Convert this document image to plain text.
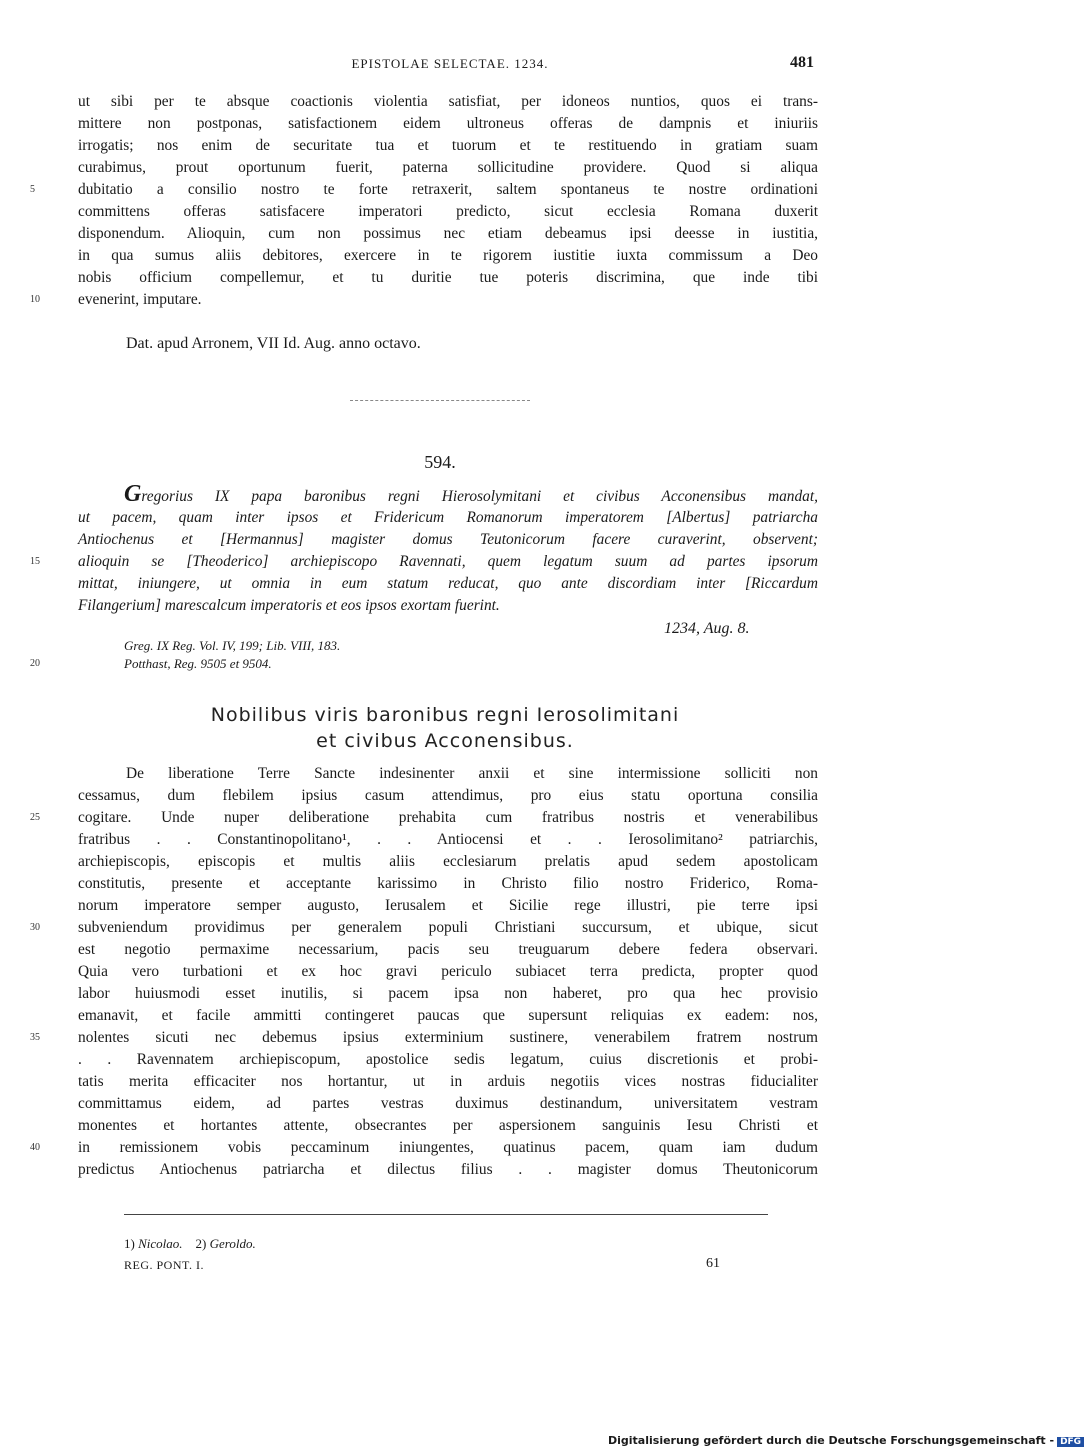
EPISTOLAE SELECTAE. 1234.	481
ut sibi per te absque coactionis violentia satisfiat, per idoneos nuntios, quos ei trans-
mittere non postponas, satisfactionem eidem ultroneus offeras de dampnis et iniuriis
irrogatis; nos enim de securitate tua et tuorum et te restituendo in gratiam suam
curabimus, prout oportunum fuerit, paterna sollicitudine providere. Quod si aliqua
dubitatio a consilio nostro te forte retraxerit, saltem spontaneus te nostre ordinationi
committens offeras satisfacere imperatori predicto, sicut ecclesia Romana duxerit
disponendum. Alioquin, cum non possimus nec etiam debeamus ipsi deesse in iustitia,
in qua sumus aliis debitores, exercere in te rigorem iustitie iuxta commissum a Deo
nobis officium compellemur, et tu duritie tue poteris discrimina, que inde tibi
evenerint, imputare.
Dat. apud Arronem, VII Id. Aug. anno octavo.
594.
Gregorius IX papa baronibus regni Hierosolymitani et civibus Acconensibus mandat,
ut pacem, quam inter ipsos et Fridericum Romanorum imperatorem [Albertus] patriarcha
Antiochenus et [Hermannus] magister domus Teutonicorum facere curaverint, observent;
alioquin se [Theoderico] archiepiscopo Ravennati, quem legatum suum ad partes ipsorum
mittat, iniungere, ut omnia in eum statum reducat, quo ante discordiam inter [Riccardum
Filangerium] marescalcum imperatoris et eos ipsos exortam fuerint.
1234, Aug. 8.
Greg. IX Reg. Vol. IV, 199; Lib. VIII, 183.
Potthast, Reg. 9505 et 9504.
Nobilibus viris baronibus regni Ierosolimitani
et civibus Acconensibus.
De liberatione Terre Sancte indesinenter anxii et sine intermissione solliciti non
cessamus, dum flebilem ipsius casum attendimus, pro eius statu oportuna consilia
cogitare. Unde nuper deliberatione prehabita cum fratribus nostris et venerabilibus
fratribus . . Constantinopolitano¹, . . Antiocensi et . . Ierosolimitano² patriarchis,
archiepiscopis, episcopis et multis aliis ecclesiarum prelatis apud sedem apostolicam
constitutis, presente et acceptante karissimo in Christo filio nostro Friderico, Roma-
norum imperatore semper augusto, Ierusalem et Sicilie rege illustri, pie terre ipsi
subveniendum providimus per generalem populi Christiani succursum, et ubique, sicut
est negotio permaxime necessarium, pacis seu treuguarum debere federa observari.
Quia vero turbationi et ex hoc gravi periculo subiacet terra predicta, propter quod
labor huiusmodi esset inutilis, si pacem ipsa non haberet, pro qua hec provisio
emanavit, et facile ammitti contingeret paucas que supersunt reliquias ex eadem: nos,
nolentes sicuti nec debemus ipsius exterminium sustinere, venerabilem fratrem nostrum
. . Ravennatem archiepiscopum, apostolice sedis legatum, cuius discretionis et probi-
tatis merita efficaciter nos hortantur, ut in arduis negotiis vices nostras fiducialiter
committamus eidem, ad partes vestras duximus destinandum, universitatem vestram
monentes et hortantes attente, obsecrantes per aspersionem sanguinis Iesu Christi et
in remissionem vobis peccaminum iniungentes, quatinus pacem, quam iam dudum
predictus Antiochenus patriarcha et dilectus filius . . magister domus Theutonicorum
5
10
15
20
25
30
35
40
1) Nicolao. 2) Geroldo.
REG. PONT. I.	61
Digitalisierung gefördert durch die Deutsche Forschungsgemeinschaft - DFG
